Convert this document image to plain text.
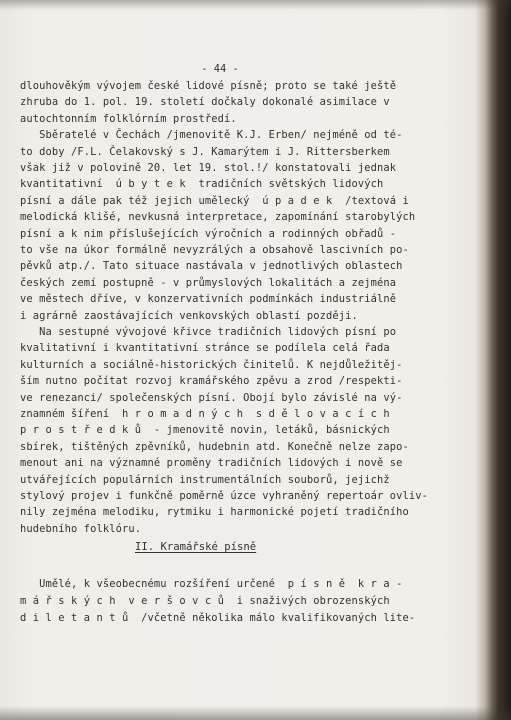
- 44 -
dlouhověkým vývojem české lidové písně; proto se také ještě
zhruba do 1. pol. 19. století dočkaly dokonalé asimilace v
autochtonním folklórním prostředí.
Sběratelé v Čechách /jmenovitě K.J. Erben/ nejméně od té-
to doby /F.L. Čelakovský s J. Kamarýtem i J. Rittersberkem
však již v polovině 20. let 19. stol.!/ konstatovali jednak
kvantitativní  ú b y t e k  tradičních světských lidových
písní a dále pak též jejich umělecký  ú p a d e k  /textová i
melodická klišé, nevkusná interpretace, zapomínání starobylých
písní a k nim příslušejících výročních a rodinných obřadů -
to vše na úkor formálně nevyzrálých a obsahově lascivních po-
pěvků atp./. Tato situace nastávala v jednotlivých oblastech
českých zemí postupně - v průmyslových lokalitách a zejména
ve městech dříve, v konzervativních podmínkách industriálně
i agrárně zaostávajících venkovských oblastí později.
Na sestupné vývojové křivce tradičních lidových písní po
kvalitativní i kvantitativní stránce se podílela celá řada
kulturních a sociálně-historických činitelů. K nejdůležitěj-
ším nutno počítat rozvoj kramářského zpěvu a zrod /respekti-
ve renezanci/ společenských písní. Obojí bylo závislé na vý-
znamném šíření  h r o m a d n ý c h  s d ě l o v a c í c h
p r o s t ř e d k ů  - jmenovitě novin, letáků, básnických
sbírek, tištěných zpěvníků, hudebnin atd. Konečně nelze zapo-
menout ani na významné proměny tradičních lidových i nově se
utvářejících populárních instrumentálních souborů, jejichž
stylový projev i funkčně poměrně úzce vyhraněný repertoár ovliv-
nily zejména melodiku, rytmiku i harmonické pojetí tradičního
hudebního folklóru.
II. Kramářské písně
Umělé, k všeobecnému rozšíření určené  p í s n ě  k r a -
m á ř s k ý c h  v e r š o v c ů  i snaživých obrozenských
d i l e t a n t ů  /včetně několika málo kvalifikovaných lite-
